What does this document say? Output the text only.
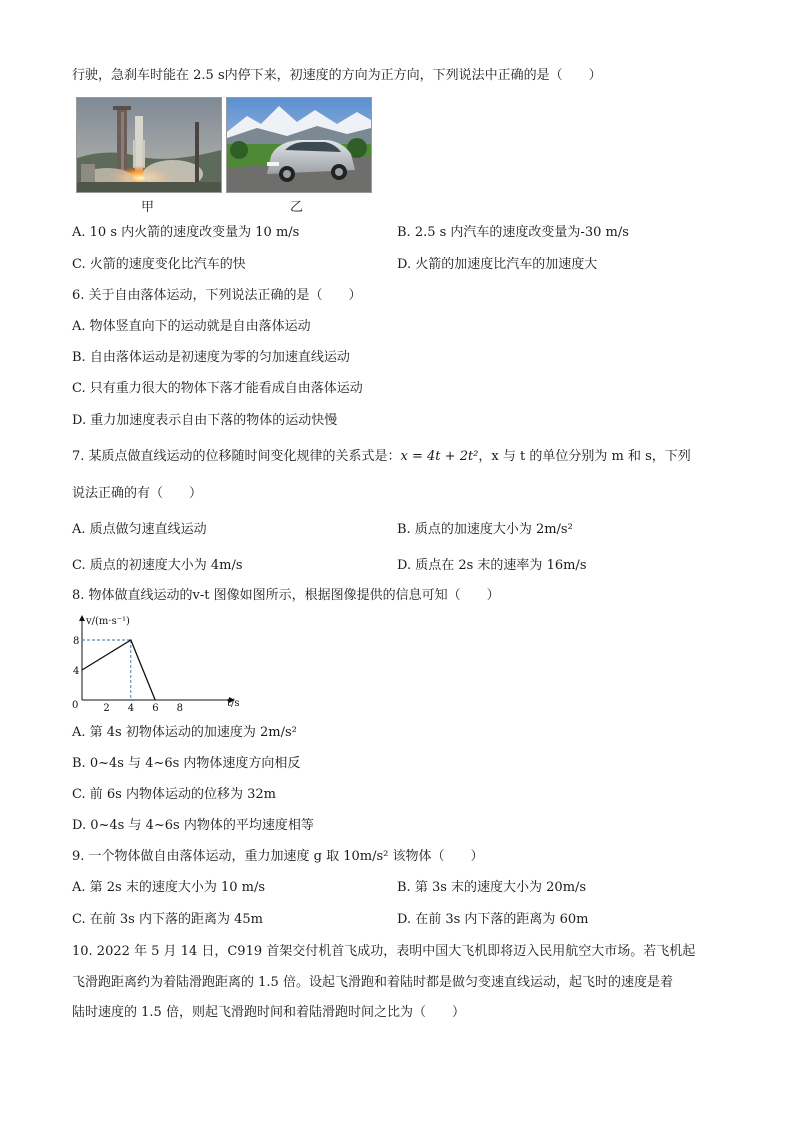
行驶，急刹车时能在 2.5 s内停下来，初速度的方向为正方向，下列说法中正确的是（　　）
甲	乙
A. 10 s 内火箭的速度改变量为 10 m/s	B. 2.5 s 内汽车的速度改变量为-30 m/s
C. 火箭的速度变化比汽车的快	D. 火箭的加速度比汽车的加速度大
6. 关于自由落体运动，下列说法正确的是（　　）
A. 物体竖直向下的运动就是自由落体运动
B. 自由落体运动是初速度为零的匀加速直线运动
C. 只有重力很大的物体下落才能看成自由落体运动
D. 重力加速度表示自由下落的物体的运动快慢
7. 某质点做直线运动的位移随时间变化规律的关系式是：x = 4t + 2t²，x 与 t 的单位分别为 m 和 s，下列
说法正确的有（　　）
A. 质点做匀速直线运动	B. 质点的加速度大小为 2m/s²
C. 质点的初速度大小为 4m/s	D. 质点在 2s 末的速率为 16m/s
8. 物体做直线运动的v-t 图像如图所示，根据图像提供的信息可知（　　）
2 4 6 8
8
4
v/(m·s⁻¹)
t/s
0
A. 第 4s 初物体运动的加速度为 2m/s²
B. 0~4s 与 4~6s 内物体速度方向相反
C. 前 6s 内物体运动的位移为 32m
D. 0~4s 与 4~6s 内物体的平均速度相等
9. 一个物体做自由落体运动，重力加速度 g 取 10m/s² 该物体（　　）
A. 第 2s 末的速度大小为 10 m/s	B. 第 3s 末的速度大小为 20m/s
C. 在前 3s 内下落的距离为 45m	D. 在前 3s 内下落的距离为 60m
10. 2022 年 5 月 14 日，C919 首架交付机首飞成功，表明中国大飞机即将迈入民用航空大市场。若飞机起
飞滑跑距离约为着陆滑跑距离的 1.5 倍。设起飞滑跑和着陆时都是做匀变速直线运动，起飞时的速度是着
陆时速度的 1.5 倍，则起飞滑跑时间和着陆滑跑时间之比为（　　）
